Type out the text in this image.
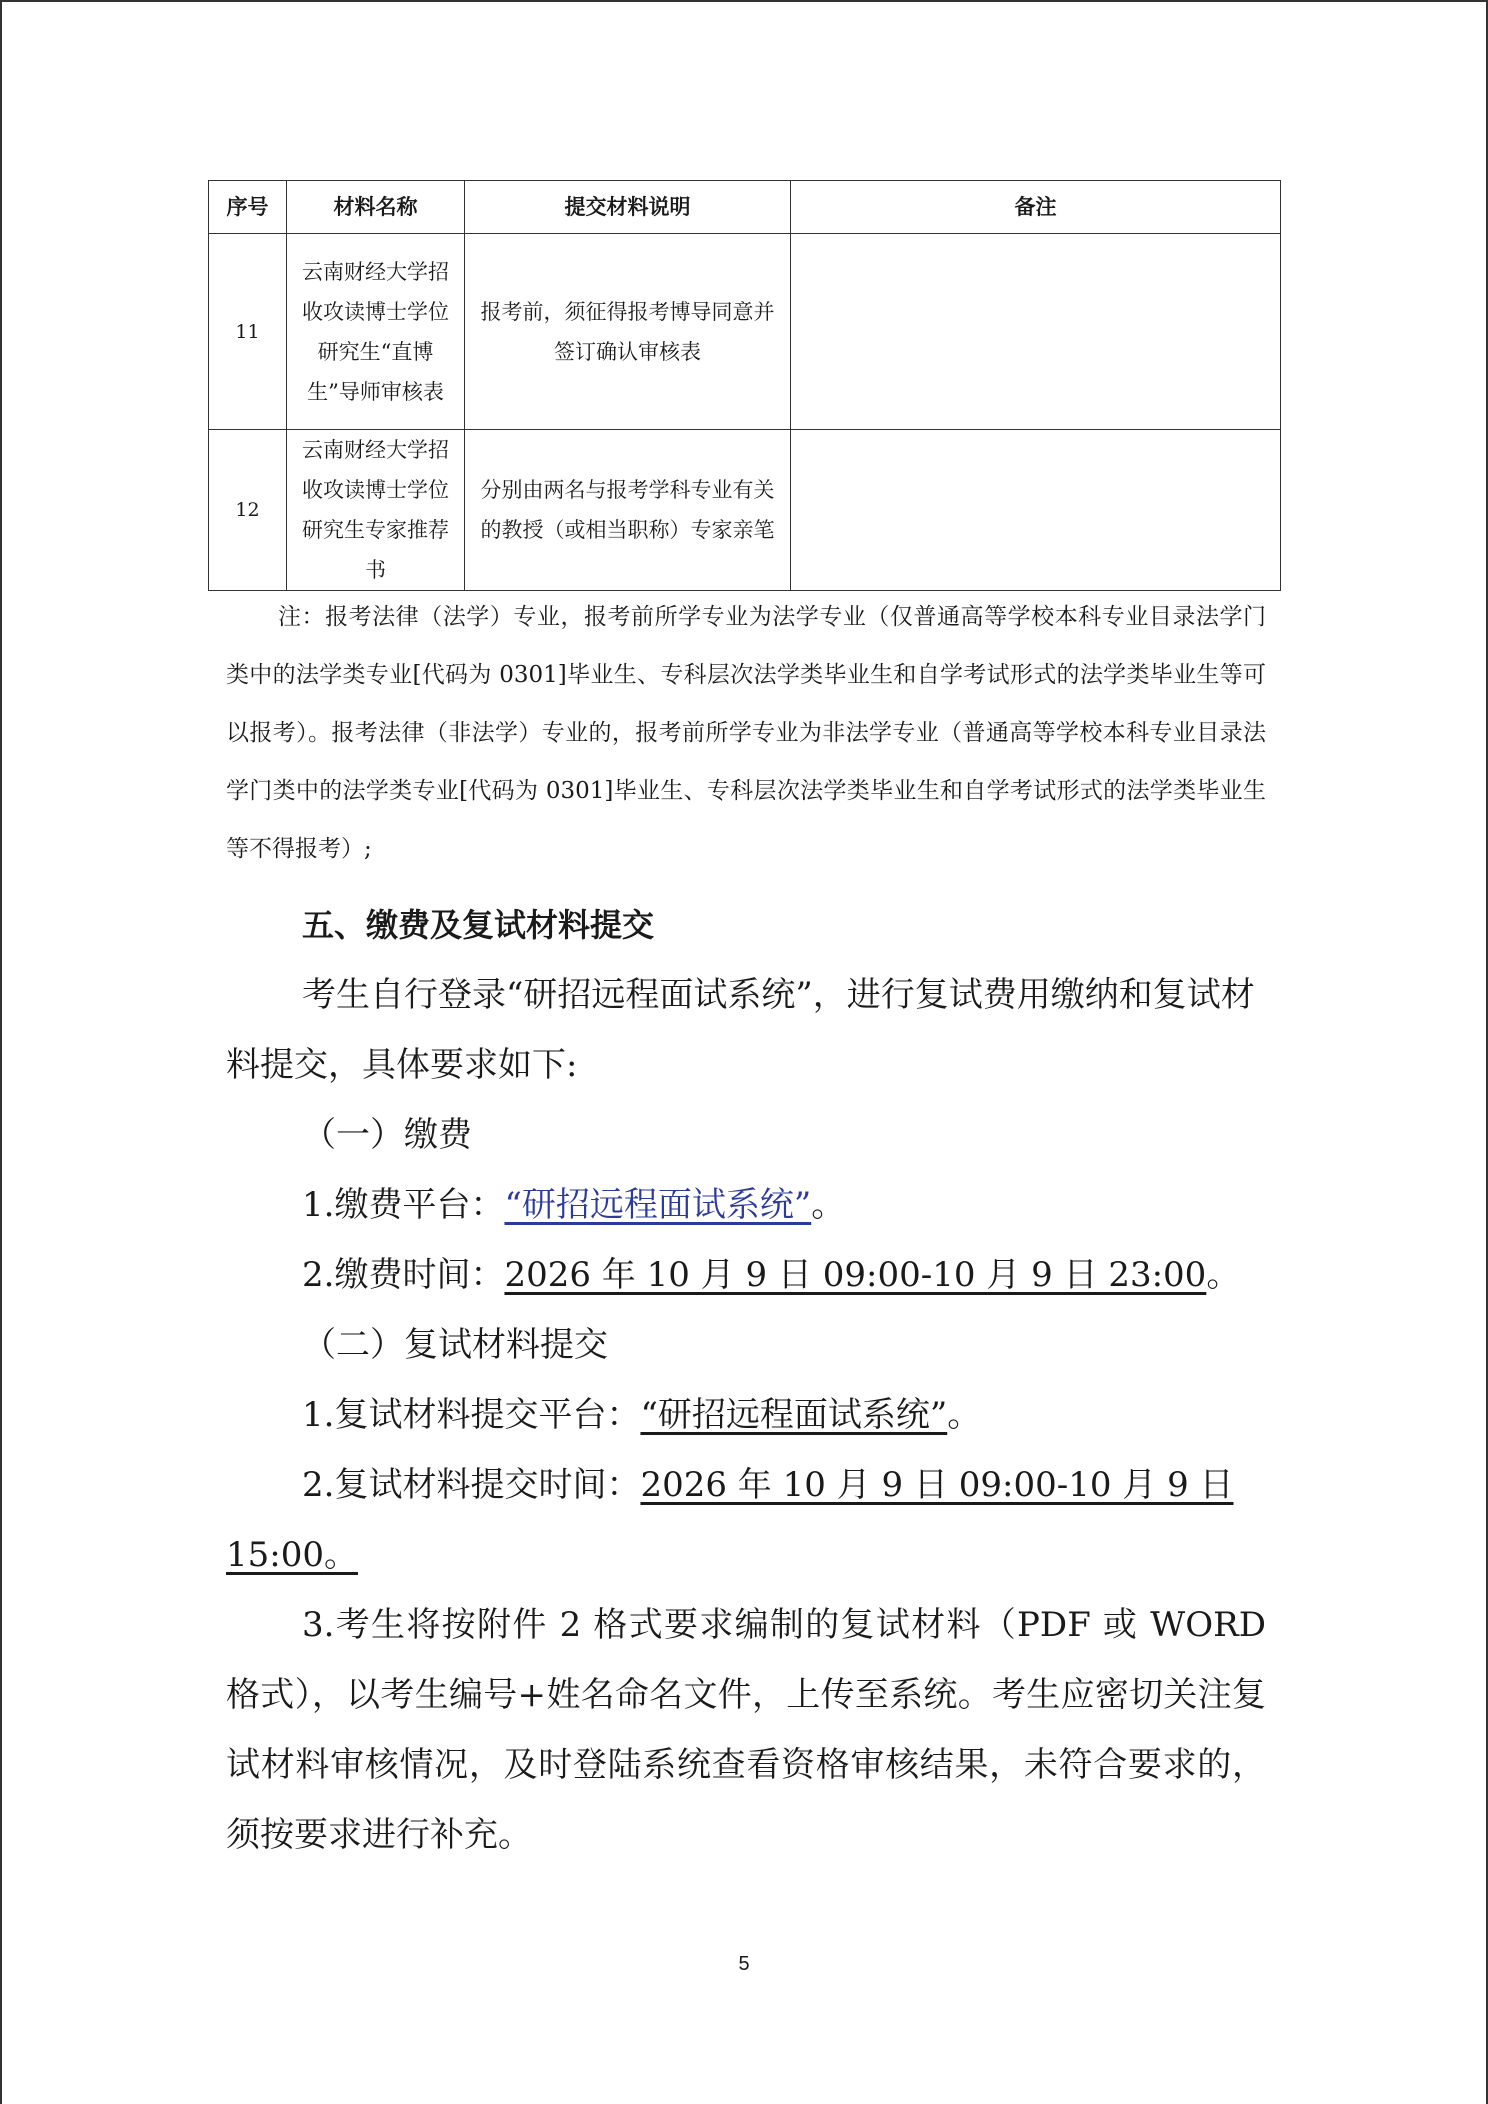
序号	材料名称	提交材料说明	备注
11	云南财经大学招收攻读博士学位研究生“直博生”导师审核表	报考前，须征得报考博导同意并签订确认审核表	
12	云南财经大学招收攻读博士学位研究生专家推荐书	分别由两名与报考学科专业有关的教授（或相当职称）专家亲笔	
注：报考法律（法学）专业，报考前所学专业为法学专业（仅普通高等学校本科专业目录法学门类中的法学类专业[代码为 0301]毕业生、专科层次法学类毕业生和自学考试形式的法学类毕业生等可以报考）。报考法律（非法学）专业的，报考前所学专业为非法学专业（普通高等学校本科专业目录法学门类中的法学类专业[代码为 0301]毕业生、专科层次法学类毕业生和自学考试形式的法学类毕业生等不得报考）;
五、缴费及复试材料提交
考生自行登录“研招远程面试系统”，进行复试费用缴纳和复试材料提交，具体要求如下:
（一）缴费
1.缴费平台：“研招远程面试系统”。
2.缴费时间：2026 年 10 月 9 日 09:00-10 月 9 日 23:00。
（二）复试材料提交
1.复试材料提交平台：“研招远程面试系统”。
2.复试材料提交时间：2026 年 10 月 9 日 09:00-10 月 9 日 15:00。
3.考生将按附件 2 格式要求编制的复试材料（PDF 或 WORD 格式），以考生编号+姓名命名文件，上传至系统。考生应密切关注复试材料审核情况，及时登陆系统查看资格审核结果，未符合要求的，须按要求进行补充。
5
